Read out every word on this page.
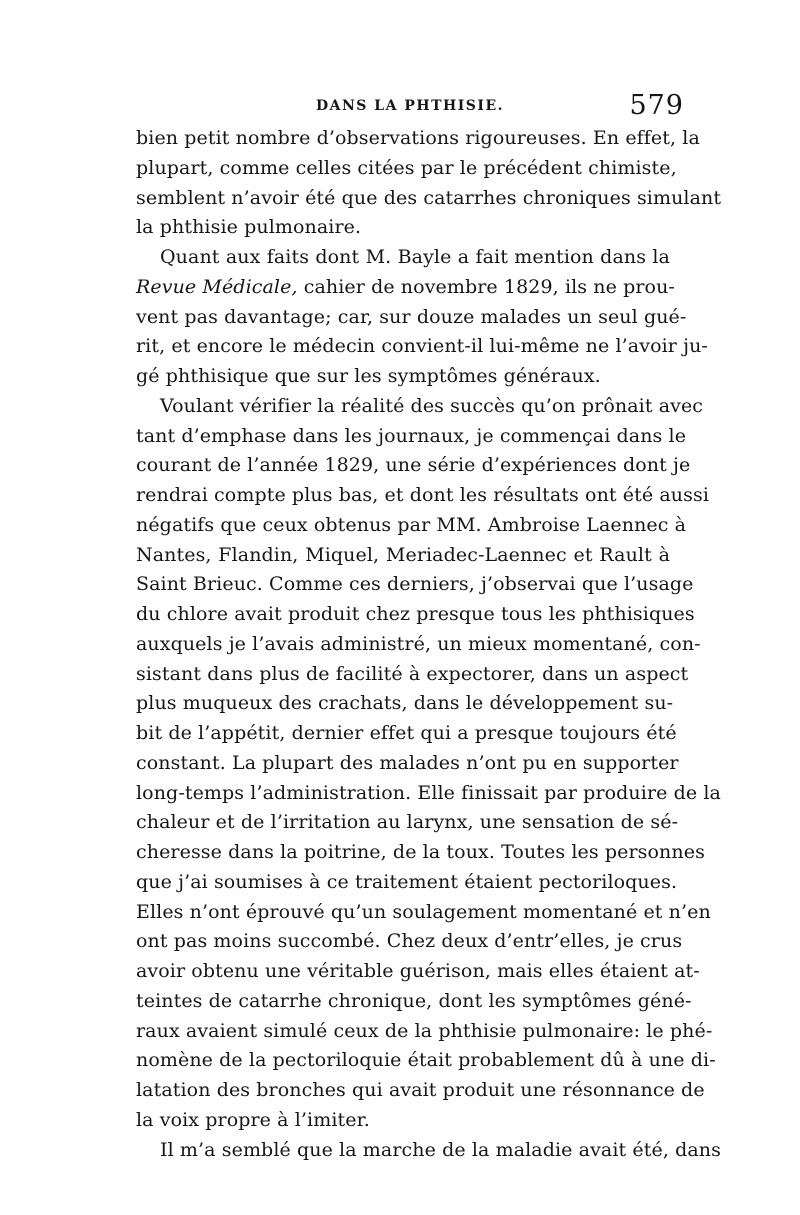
DANS LA PHTHISIE.	579
bien petit nombre d’observations rigoureuses. En effet, la
plupart, comme celles citées par le précédent chimiste,
semblent n’avoir été que des catarrhes chroniques simulant
la phthisie pulmonaire.
Quant aux faits dont M. Bayle a fait mention dans la
Revue Médicale, cahier de novembre 1829, ils ne prou-
vent pas davantage; car, sur douze malades un seul gué-
rit, et encore le médecin convient-il lui-même ne l’avoir ju-
gé phthisique que sur les symptômes généraux.
Voulant vérifier la réalité des succès qu’on prônait avec
tant d’emphase dans les journaux, je commençai dans le
courant de l’année 1829, une série d’expériences dont je
rendrai compte plus bas, et dont les résultats ont été aussi
négatifs que ceux obtenus par MM. Ambroise Laennec à
Nantes, Flandin, Miquel, Meriadec-Laennec et Rault à
Saint Brieuc. Comme ces derniers, j’observai que l’usage
du chlore avait produit chez presque tous les phthisiques
auxquels je l’avais administré, un mieux momentané, con-
sistant dans plus de facilité à expectorer, dans un aspect
plus muqueux des crachats, dans le développement su-
bit de l’appétit, dernier effet qui a presque toujours été
constant. La plupart des malades n’ont pu en supporter
long-temps l’administration. Elle finissait par produire de la
chaleur et de l’irritation au larynx, une sensation de sé-
cheresse dans la poitrine, de la toux. Toutes les personnes
que j’ai soumises à ce traitement étaient pectoriloques.
Elles n’ont éprouvé qu’un soulagement momentané et n’en
ont pas moins succombé. Chez deux d’entr’elles, je crus
avoir obtenu une véritable guérison, mais elles étaient at-
teintes de catarrhe chronique, dont les symptômes géné-
raux avaient simulé ceux de la phthisie pulmonaire: le phé-
nomène de la pectoriloquie était probablement dû à une di-
latation des bronches qui avait produit une résonnance de
la voix propre à l’imiter.
Il m’a semblé que la marche de la maladie avait été, dans
